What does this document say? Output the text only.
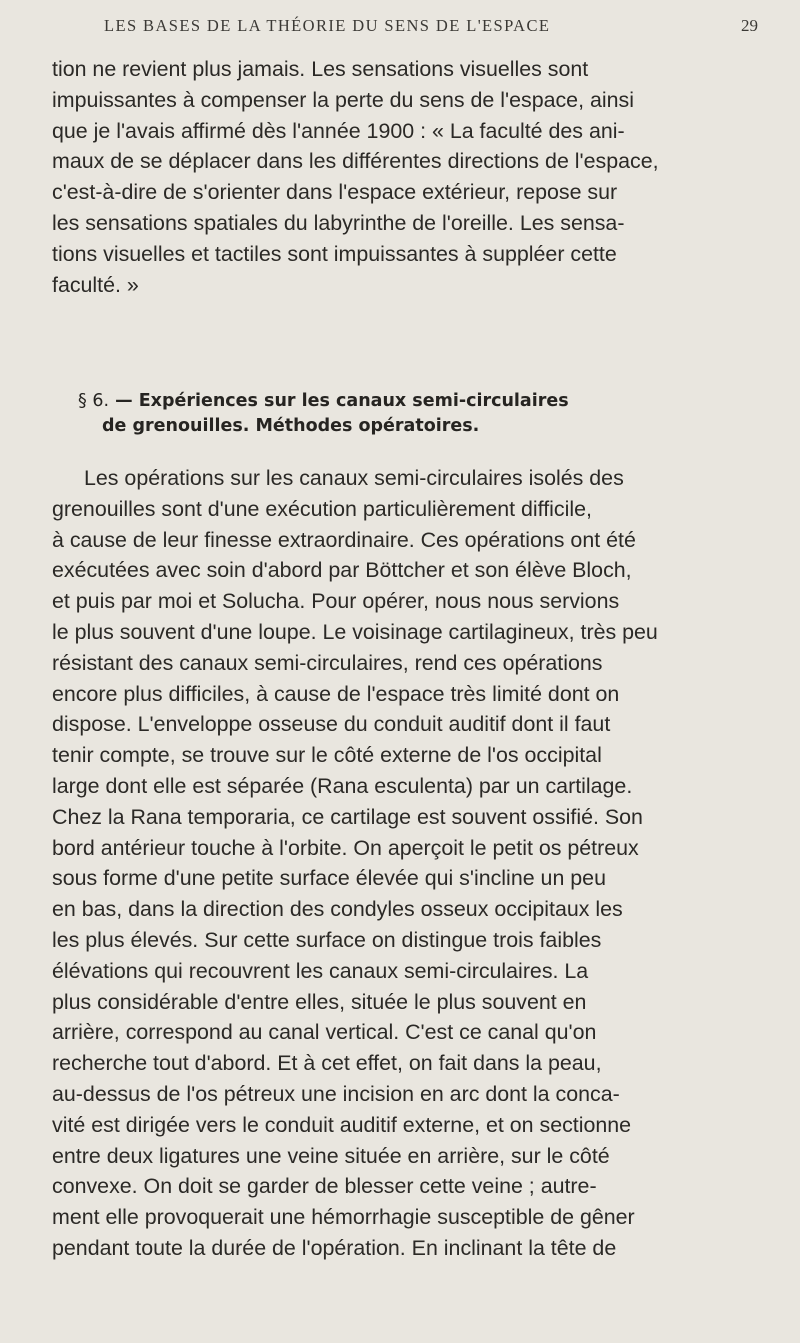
LES BASES DE LA THÉORIE DU SENS DE L'ESPACE	29
tion ne revient plus jamais. Les sensations visuelles sont
impuissantes à compenser la perte du sens de l'espace, ainsi
que je l'avais affirmé dès l'année 1900 : « La faculté des ani-
maux de se déplacer dans les différentes directions de l'espace,
c'est-à-dire de s'orienter dans l'espace extérieur, repose sur
les sensations spatiales du labyrinthe de l'oreille. Les sensa-
tions visuelles et tactiles sont impuissantes à suppléer cette
faculté. »
§ 6. — Expériences sur les canaux semi-circulaires
de grenouilles. Méthodes opératoires.
Les opérations sur les canaux semi-circulaires isolés des
grenouilles sont d'une exécution particulièrement difficile,
à cause de leur finesse extraordinaire. Ces opérations ont été
exécutées avec soin d'abord par Böttcher et son élève Bloch,
et puis par moi et Solucha. Pour opérer, nous nous servions
le plus souvent d'une loupe. Le voisinage cartilagineux, très peu
résistant des canaux semi-circulaires, rend ces opérations
encore plus difficiles, à cause de l'espace très limité dont on
dispose. L'enveloppe osseuse du conduit auditif dont il faut
tenir compte, se trouve sur le côté externe de l'os occipital
large dont elle est séparée (Rana esculenta) par un cartilage.
Chez la Rana temporaria, ce cartilage est souvent ossifié. Son
bord antérieur touche à l'orbite. On aperçoit le petit os pétreux
sous forme d'une petite surface élevée qui s'incline un peu
en bas, dans la direction des condyles osseux occipitaux les
les plus élevés. Sur cette surface on distingue trois faibles
élévations qui recouvrent les canaux semi-circulaires. La
plus considérable d'entre elles, située le plus souvent en
arrière, correspond au canal vertical. C'est ce canal qu'on
recherche tout d'abord. Et à cet effet, on fait dans la peau,
au-dessus de l'os pétreux une incision en arc dont la conca-
vité est dirigée vers le conduit auditif externe, et on sectionne
entre deux ligatures une veine située en arrière, sur le côté
convexe. On doit se garder de blesser cette veine ; autre-
ment elle provoquerait une hémorrhagie susceptible de gêner
pendant toute la durée de l'opération. En inclinant la tête de
